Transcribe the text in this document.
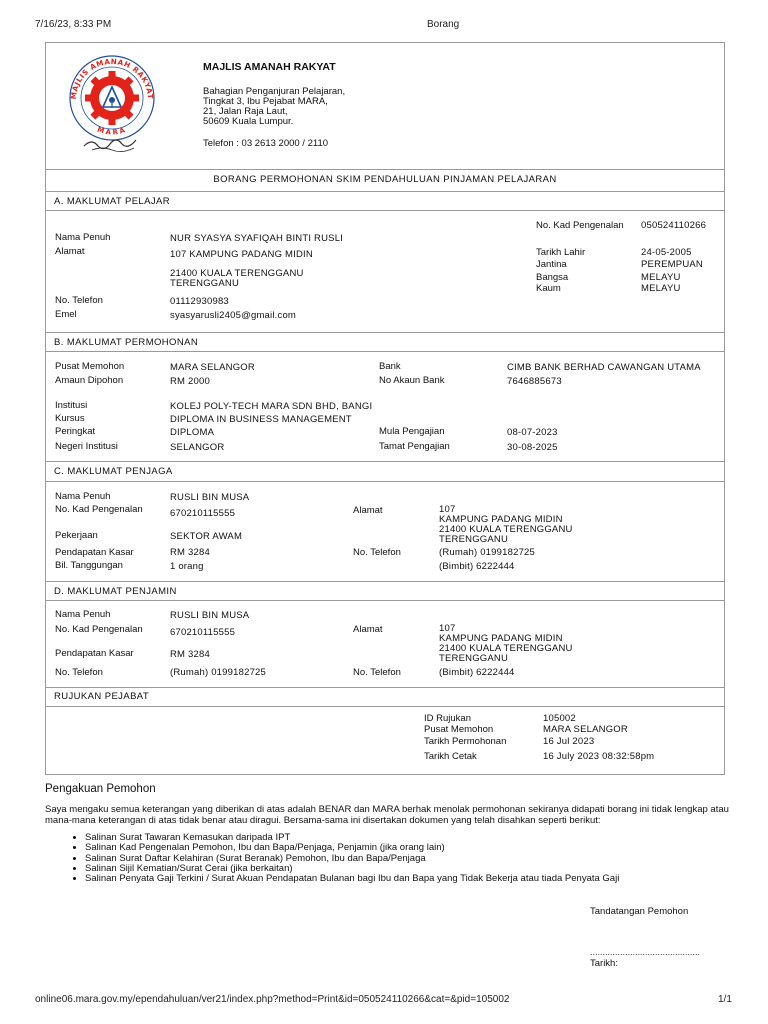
7/16/23, 8:33 PM	Borang
MAJLIS AMANAH RAKYAT
MARA
MAJLIS AMANAH RAKYAT
Bahagian Penganjuran Pelajaran,
Tingkat 3, Ibu Pejabat MARA,
21, Jalan Raja Laut,
50609 Kuala Lumpur.
Telefon : 03 2613 2000 / 2110
BORANG PERMOHONAN SKIM PENDAHULUAN PINJAMAN PELAJARAN
A. MAKLUMAT PELAJAR
No. Kad Pengenalan 050524110266
Nama Penuh	NUR SYASYA SYAFIQAH BINTI RUSLI
Alamat	107 KAMPUNG PADANG MIDIN
21400 KUALA TERENGGANU
TERENGGANU
Tarikh Lahir	24-05-2005
Jantina	PEREMPUAN
Bangsa	MELAYU
Kaum	MELAYU
No. Telefon	01112930983
Emel	syasyarusli2405@gmail.com
B. MAKLUMAT PERMOHONAN
Pusat Memohon	MARA SELANGOR	Bank	CIMB BANK BERHAD CAWANGAN UTAMA
Amaun Dipohon	RM 2000	No Akaun Bank	7646885673
Institusi	KOLEJ POLY-TECH MARA SDN BHD, BANGI
Kursus	DIPLOMA IN BUSINESS MANAGEMENT
Peringkat	DIPLOMA	Mula Pengajian	08-07-2023
Negeri Institusi	SELANGOR	Tamat Pengajian	30-08-2025
C. MAKLUMAT PENJAGA
Nama Penuh	RUSLI BIN MUSA
No. Kad Pengenalan	670210115555	Alamat	107
KAMPUNG PADANG MIDIN
21400 KUALA TERENGGANU
TERENGGANU
Pekerjaan	SEKTOR AWAM
Pendapatan Kasar	RM 3284	No. Telefon	(Rumah) 0199182725
Bil. Tanggungan	1 orang	(Bimbit) 6222444
D. MAKLUMAT PENJAMIN
Nama Penuh	RUSLI BIN MUSA
No. Kad Pengenalan	670210115555	Alamat	107
KAMPUNG PADANG MIDIN
21400 KUALA TERENGGANU
TERENGGANU
Pendapatan Kasar	RM 3284
No. Telefon	(Rumah) 0199182725	No. Telefon	(Bimbit) 6222444
RUJUKAN PEJABAT
ID Rujukan	105002
Pusat Memohon	MARA SELANGOR
Tarikh Permohonan	16 Jul 2023
Tarikh Cetak	16 July 2023 08:32:58pm
Pengakuan Pemohon
Saya mengaku semua keterangan yang diberikan di atas adalah BENAR dan MARA berhak menolak permohonan sekiranya didapati borang ini tidak lengkap atau mana-mana keterangan di atas tidak benar atau diragui. Bersama-sama ini disertakan dokumen yang telah disahkan seperti berikut:
• Salinan Surat Tawaran Kemasukan daripada IPT
• Salinan Kad Pengenalan Pemohon, Ibu dan Bapa/Penjaga, Penjamin (jika orang lain)
• Salinan Surat Daftar Kelahiran (Surat Beranak) Pemohon, Ibu dan Bapa/Penjaga
• Salinan Sijil Kematian/Surat Cerai (jika berkaitan)
• Salinan Penyata Gaji Terkini / Surat Akuan Pendapatan Bulanan bagi Ibu dan Bapa yang Tidak Bekerja atau tiada Penyata Gaji
Tandatangan Pemohon
............................................
Tarikh:
online06.mara.gov.my/ependahuluan/ver21/index.php?method=Print&id=050524110266&cat=&pid=105002	1/1
